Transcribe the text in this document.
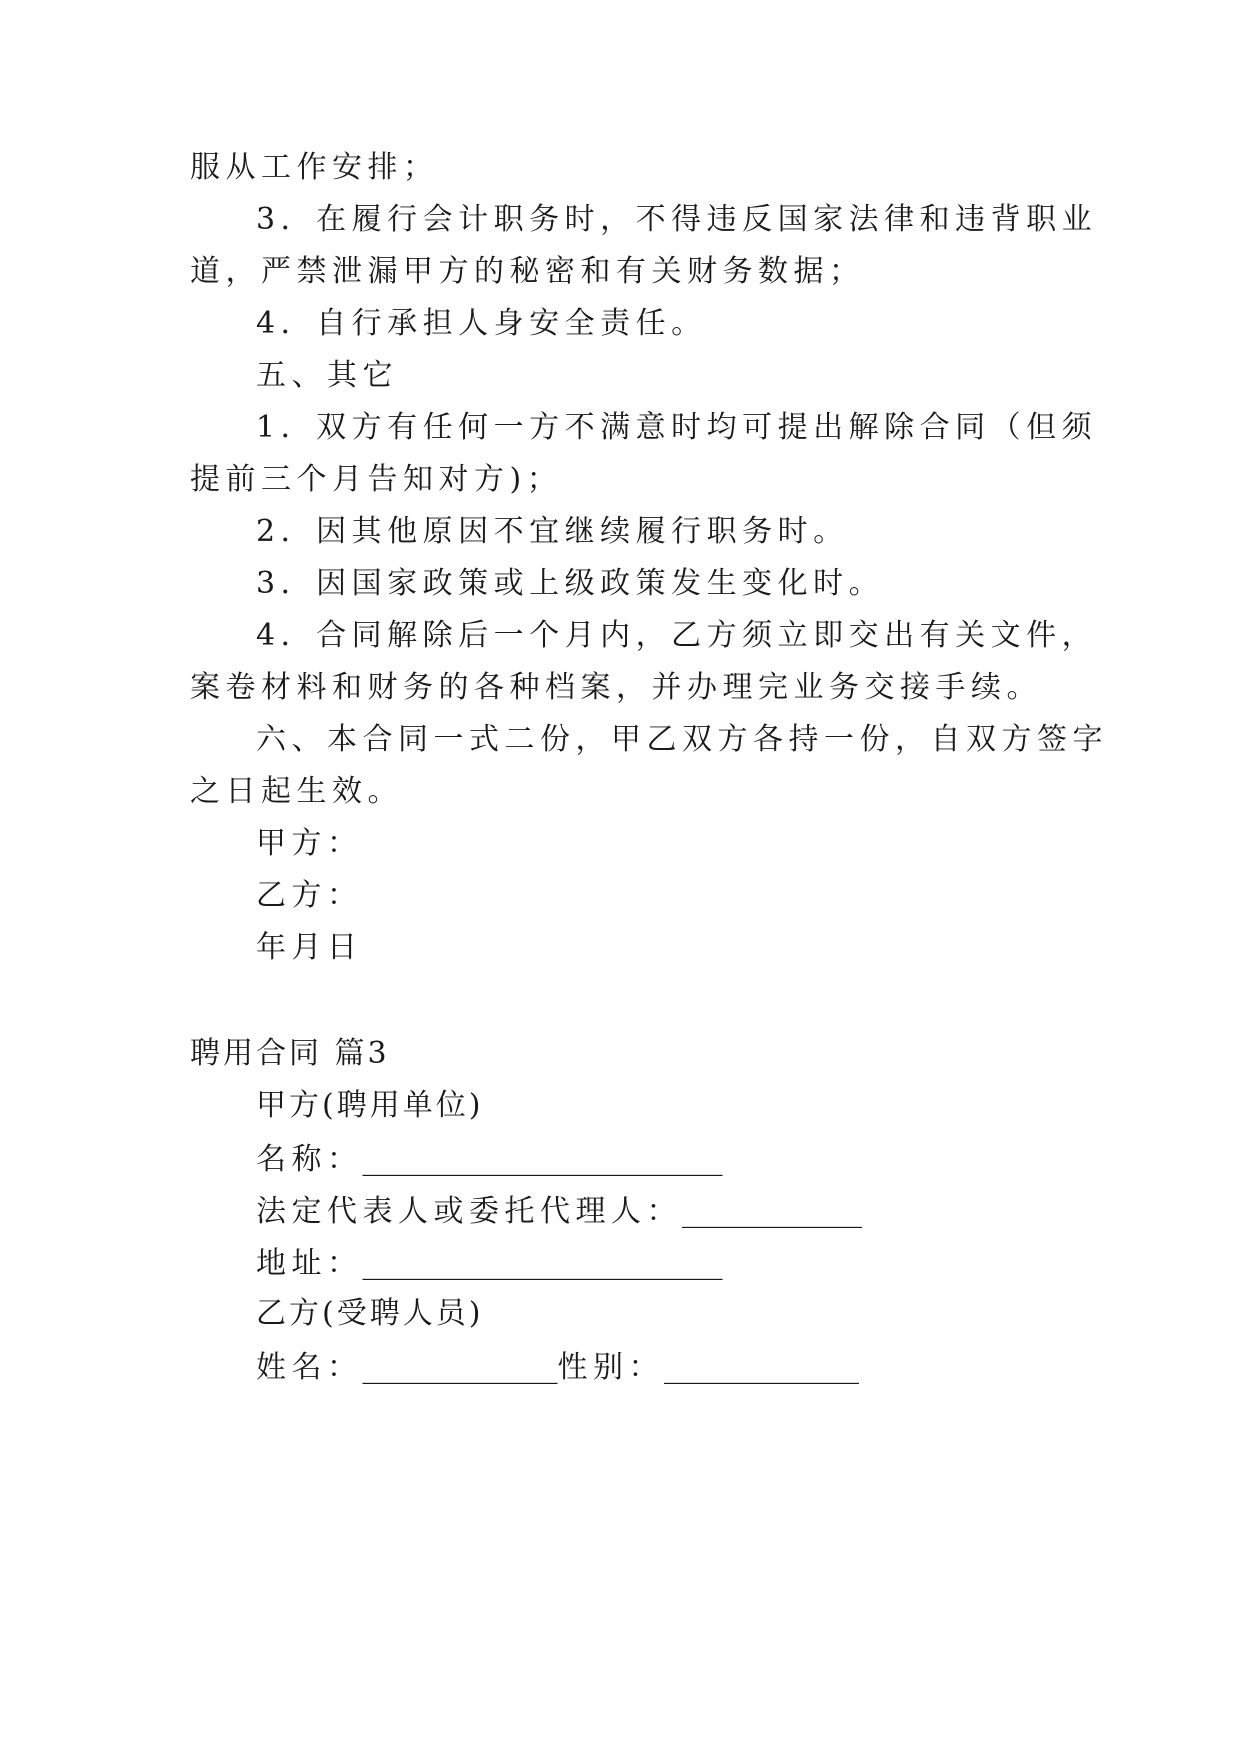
服从工作安排；
3．在履行会计职务时，不得违反国家法律和违背职业
道，严禁泄漏甲方的秘密和有关财务数据；
4．自行承担人身安全责任。
五、其它
1．双方有任何一方不满意时均可提出解除合同（但须
提前三个月告知对方)；
2．因其他原因不宜继续履行职务时。
3．因国家政策或上级政策发生变化时。
4．合同解除后一个月内，乙方须立即交出有关文件，
案卷材料和财务的各种档案，并办理完业务交接手续。
六、本合同一式二份，甲乙双方各持一份，自双方签字
之日起生效。
甲方：
乙方：
年月日
聘用合同 篇3
甲方(聘用单位)
名称：________________________
法定代表人或委托代理人：____________
地址：________________________
乙方(受聘人员)
姓名：_____________性别：_____________
